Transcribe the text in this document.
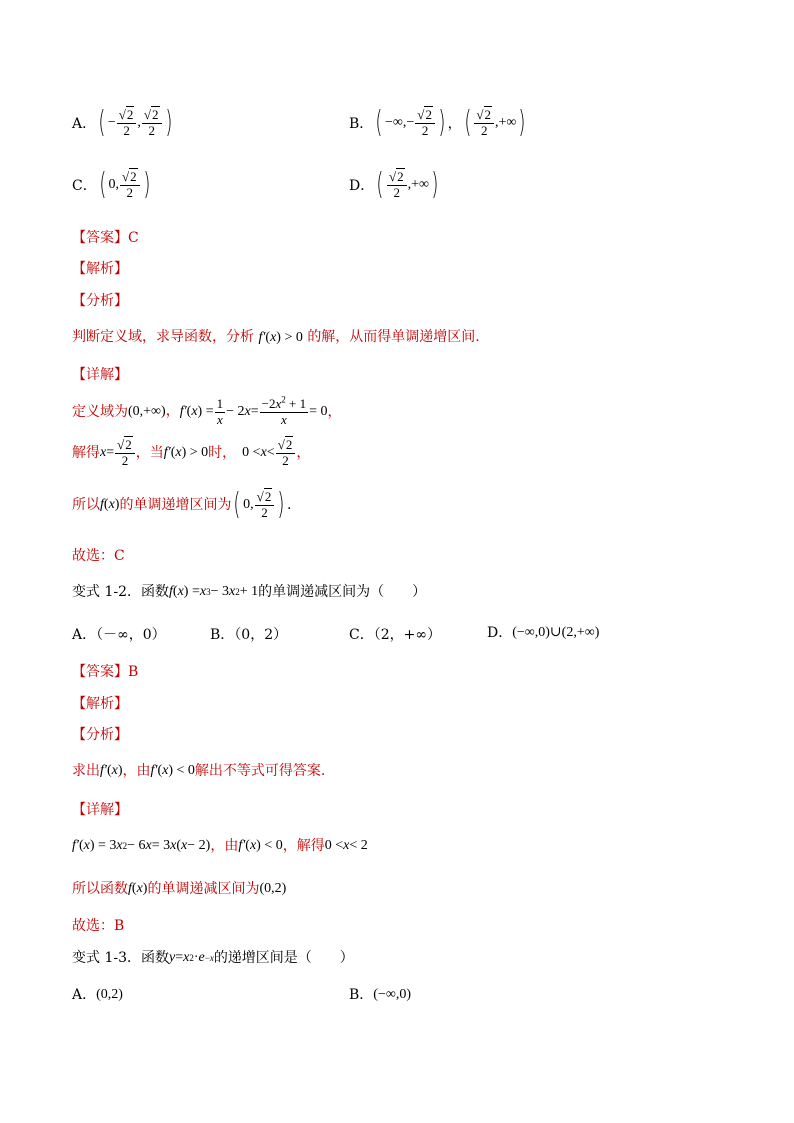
A． ( − $\frac{√2}{2}$ , $\frac{√2}{2}$ )	B． ( −∞,− $\frac{√2}{2}$ ) ， ( $\frac{√2}{2}$ ,+∞ )
C． ( 0, $\frac{√2}{2}$ )	D． ( $\frac{√2}{2}$ ,+∞ )
【答案】C
【解析】
【分析】
判断定义域，求导函数，分析 f′(x) > 0 的解，从而得单调递增区间.
【详解】
定义域为 (0,+∞) ， f′ ( x ) = $\frac{1}{x} - 2$ $x = \frac{-2x^2 + 1}{x} = 0$ ，
解得 $x = \frac{√2}{2}$ ，当 f′ ( x ) > 0 时， $0 < x < \frac{√2}{2}$ ，
所以 f ( x ) 的单调递增区间为 ( 0, $\frac{√2}{2}$ ) .
故选：C
变式 1-2．函数 f ( x ) = x 3 − 3 x 2 + 1 的单调递减区间为（　　）
A．（－∞，0）	B．（0，2）	C．（2，+∞）	D． (−∞,0)∪(2,+∞)
【答案】B
【解析】
【分析】
求出 f′ ( x ) ，由 f′ ( x ) < 0 解出不等式可得答案.
【详解】
f′ ( x ) = 3 x 2 − 6 x = 3 x ( x − 2) ，由 f′ ( x ) < 0 ，解得 0 < x < 2
所以函数 f ( x ) 的单调递减区间为 (0,2)
故选：B
变式 1-3．函数 y = x 2 · e −x 的递增区间是（　　）
A． (0,2)	B． (−∞,0)
